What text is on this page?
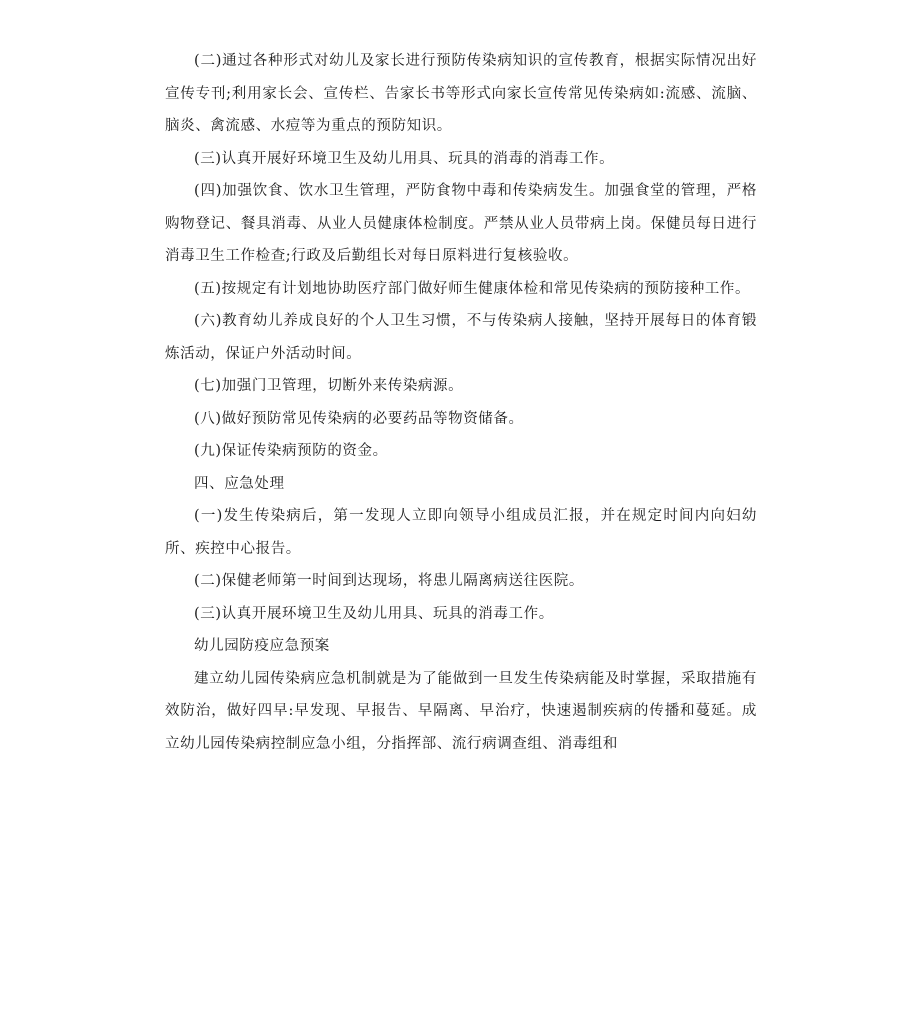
(二)通过各种形式对幼儿及家长进行预防传染病知识的宣传教育，根据实际情况出好宣传专刊;利用家长会、宣传栏、告家长书等形式向家长宣传常见传染病如:流感、流脑、脑炎、禽流感、水痘等为重点的预防知识。

(三)认真开展好环境卫生及幼儿用具、玩具的消毒的消毒工作。

(四)加强饮食、饮水卫生管理，严防食物中毒和传染病发生。加强食堂的管理，严格购物登记、餐具消毒、从业人员健康体检制度。严禁从业人员带病上岗。保健员每日进行消毒卫生工作检查;行政及后勤组长对每日原料进行复核验收。

(五)按规定有计划地协助医疗部门做好师生健康体检和常见传染病的预防接种工作。

(六)教育幼儿养成良好的个人卫生习惯，不与传染病人接触，坚持开展每日的体育锻炼活动，保证户外活动时间。

(七)加强门卫管理，切断外来传染病源。

(八)做好预防常见传染病的必要药品等物资储备。

(九)保证传染病预防的资金。

四、应急处理

(一)发生传染病后，第一发现人立即向领导小组成员汇报，并在规定时间内向妇幼所、疾控中心报告。

(二)保健老师第一时间到达现场，将患儿隔离病送往医院。

(三)认真开展环境卫生及幼儿用具、玩具的消毒工作。

幼儿园防疫应急预案

建立幼儿园传染病应急机制就是为了能做到一旦发生传染病能及时掌握，采取措施有效防治，做好四早:早发现、早报告、早隔离、早治疗，快速遏制疾病的传播和蔓延。成立幼儿园传染病控制应急小组，分指挥部、流行病调查组、消毒组和
